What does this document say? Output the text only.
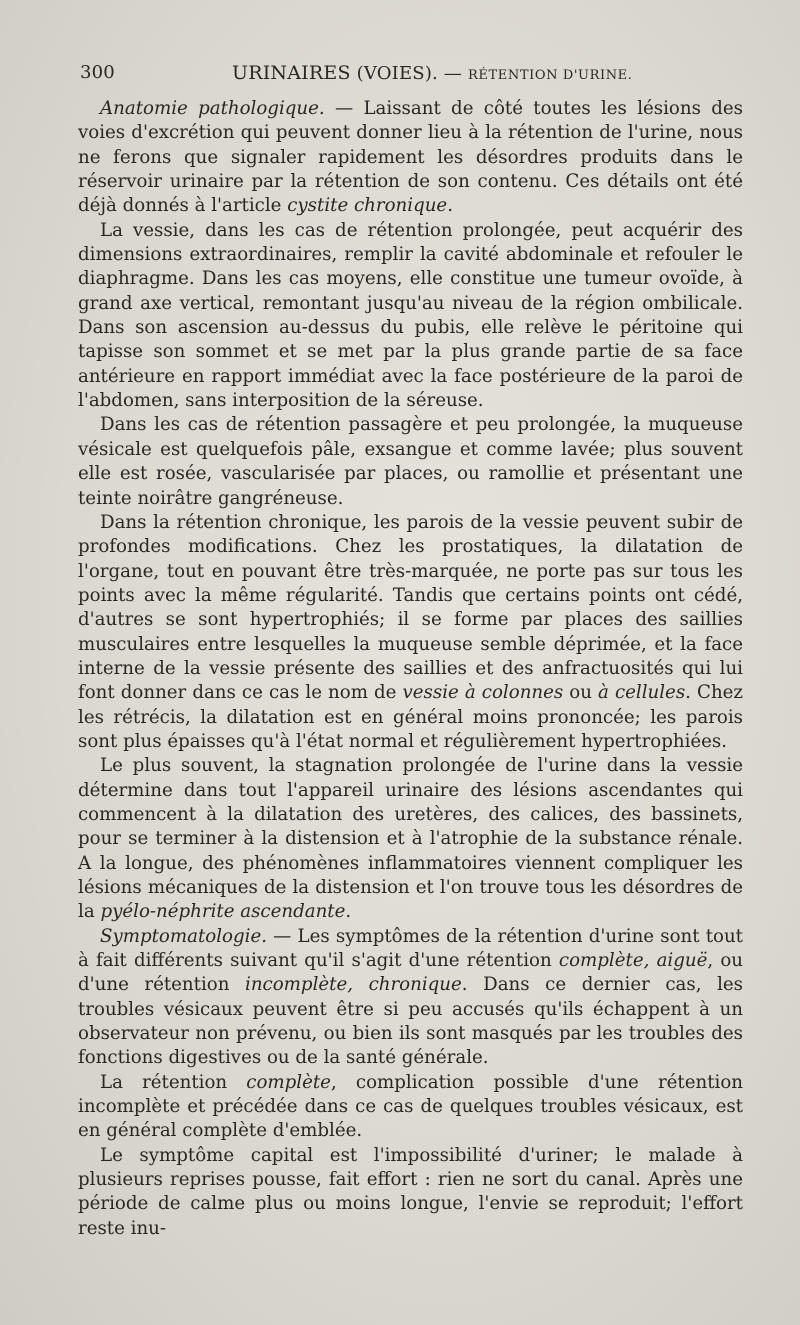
300	URINAIRES (VOIES). — RÉTENTION D'URINE.

Anatomie pathologique. — Laissant de côté toutes les lésions des voies d'excrétion qui peuvent donner lieu à la rétention de l'urine, nous ne ferons que signaler rapidement les désordres produits dans le réservoir urinaire par la rétention de son contenu. Ces détails ont été déjà donnés à l'article cystite chronique.

La vessie, dans les cas de rétention prolongée, peut acquérir des dimensions extraordinaires, remplir la cavité abdominale et refouler le diaphragme. Dans les cas moyens, elle constitue une tumeur ovoïde, à grand axe vertical, remontant jusqu'au niveau de la région ombilicale. Dans son ascension au-dessus du pubis, elle relève le péritoine qui tapisse son sommet et se met par la plus grande partie de sa face antérieure en rapport immédiat avec la face postérieure de la paroi de l'abdomen, sans interposition de la séreuse.

Dans les cas de rétention passagère et peu prolongée, la muqueuse vésicale est quelquefois pâle, exsangue et comme lavée; plus souvent elle est rosée, vascularisée par places, ou ramollie et présentant une teinte noirâtre gangréneuse.

Dans la rétention chronique, les parois de la vessie peuvent subir de profondes modifications. Chez les prostatiques, la dilatation de l'organe, tout en pouvant être très-marquée, ne porte pas sur tous les points avec la même régularité. Tandis que certains points ont cédé, d'autres se sont hypertrophiés; il se forme par places des saillies musculaires entre lesquelles la muqueuse semble déprimée, et la face interne de la vessie présente des saillies et des anfractuosités qui lui font donner dans ce cas le nom de vessie à colonnes ou à cellules. Chez les rétrécis, la dilatation est en général moins prononcée; les parois sont plus épaisses qu'à l'état normal et régulièrement hypertrophiées.

Le plus souvent, la stagnation prolongée de l'urine dans la vessie détermine dans tout l'appareil urinaire des lésions ascendantes qui commencent à la dilatation des uretères, des calices, des bassinets, pour se terminer à la distension et à l'atrophie de la substance rénale. A la longue, des phénomènes inflammatoires viennent compliquer les lésions mécaniques de la distension et l'on trouve tous les désordres de la pyélo-néphrite ascendante.

Symptomatologie. — Les symptômes de la rétention d'urine sont tout à fait différents suivant qu'il s'agit d'une rétention complète, aiguë, ou d'une rétention incomplète, chronique. Dans ce dernier cas, les troubles vésicaux peuvent être si peu accusés qu'ils échappent à un observateur non prévenu, ou bien ils sont masqués par les troubles des fonctions digestives ou de la santé générale.

La rétention complète, complication possible d'une rétention incomplète et précédée dans ce cas de quelques troubles vésicaux, est en général complète d'emblée.

Le symptôme capital est l'impossibilité d'uriner; le malade à plusieurs reprises pousse, fait effort : rien ne sort du canal. Après une période de calme plus ou moins longue, l'envie se reproduit; l'effort reste inu-
